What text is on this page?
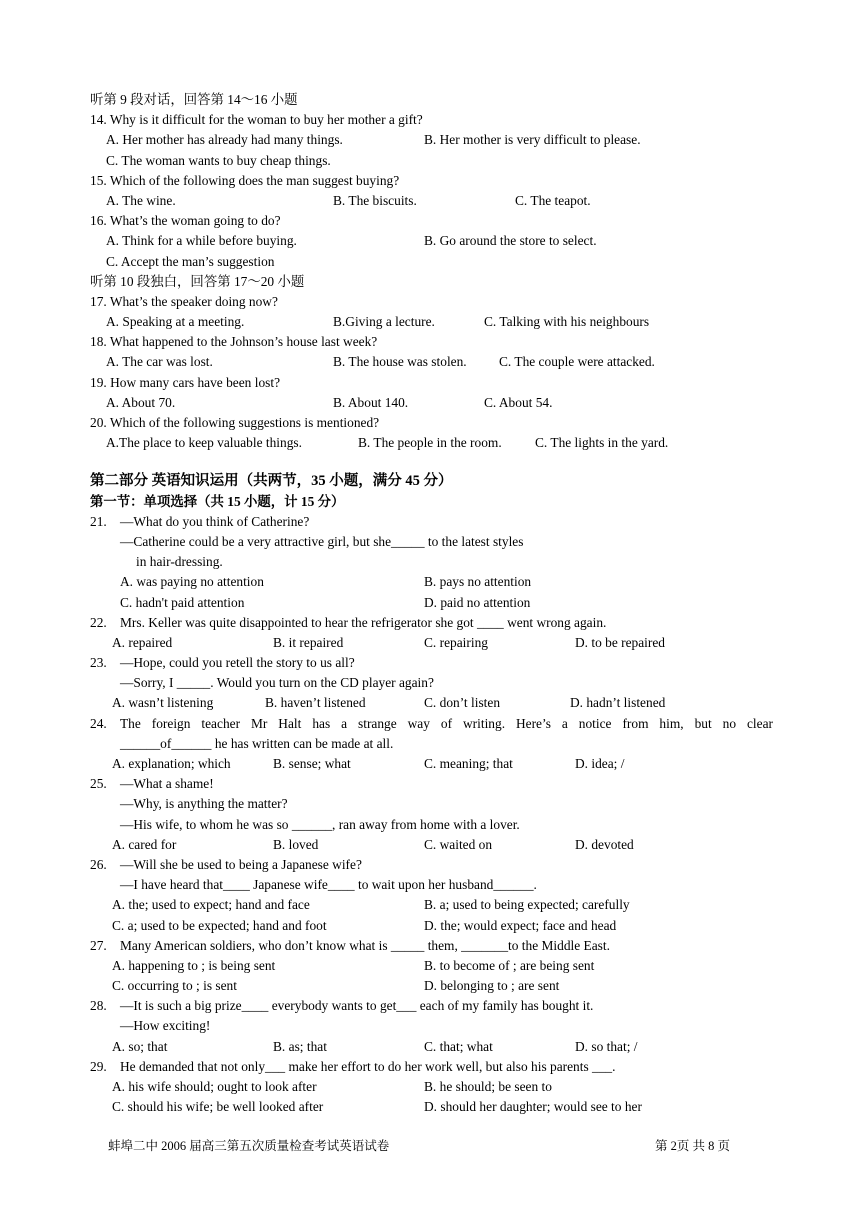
听第 9 段对话，回答第 14～16 小题
14. Why is it difficult for the woman to buy her mother a gift?
A. Her mother has already had many things.	B. Her mother is very difficult to please.
C. The woman wants to buy cheap things.
15. Which of the following does the man suggest buying?
A. The wine.	B. The biscuits.	C. The teapot.
16. What’s the woman going to do?
A. Think for a while before buying.	B. Go around the store to select.
C. Accept the man’s suggestion
听第 10 段独白，回答第 17～20 小题
17. What’s the speaker doing now?
A. Speaking at a meeting.	B.Giving a lecture.	C. Talking with his neighbours
18. What happened to the Johnson’s house last week?
A. The car was lost.	B. The house was stolen. C. The couple were attacked.
19. How many cars have been lost?
A. About 70.	B. About 140.	C. About 54.
20. Which of the following suggestions is mentioned?
A.The place to keep valuable things.	B. The people in the room. C. The lights in the yard.
第二部分 英语知识运用（共两节，35 小题，满分 45 分）
第一节：单项选择（共 15 小题，计 15 分）
21. —What do you think of Catherine?
—Catherine could be a very attractive girl, but she_____ to the latest styles
in hair-dressing.
A. was paying no attention	B. pays no attention
C. hadn't paid attention	D. paid no attention
22. Mrs. Keller was quite disappointed to hear the refrigerator she got ____ went wrong again.
A. repaired	B. it repaired	C. repairing	D. to be repaired
23. —Hope, could you retell the story to us all?
—Sorry, I _____. Would you turn on the CD player again?
A. wasn’t listening	B. haven’t listened	C. don’t listen	D. hadn’t listened
24. The foreign teacher Mr Halt has a strange way of writing. Here’s a notice from him, but no clear
______of______ he has written can be made at all.
A. explanation; which	B. sense; what	C. meaning; that	D. idea; /
25. —What a shame!
—Why, is anything the matter?
—His wife, to whom he was so ______, ran away from home with a lover.
A. cared for	B. loved	C. waited on	D. devoted
26. —Will she be used to being a Japanese wife?
—I have heard that____ Japanese wife____ to wait upon her husband______.
A. the; used to expect; hand and face	B. a; used to being expected; carefully
C. a; used to be expected; hand and foot	D. the; would expect; face and head
27. Many American soldiers, who don’t know what is _____ them, _______to the Middle East.
A. happening to ; is being sent	B. to become of ; are being sent
C. occurring to ; is sent	D. belonging to ; are sent
28. —It is such a big prize____ everybody wants to get___ each of my family has bought it.
—How exciting!
A. so; that	B. as; that	C. that; what	D. so that; /
29. He demanded that not only___ make her effort to do her work well, but also his parents ___.
A. his wife should; ought to look after	B. he should; be seen to
C. should his wife; be well looked after	D. should her daughter; would see to her
蚌埠二中 2006 届高三第五次质量检查考试英语试卷	第 2页 共 8 页
